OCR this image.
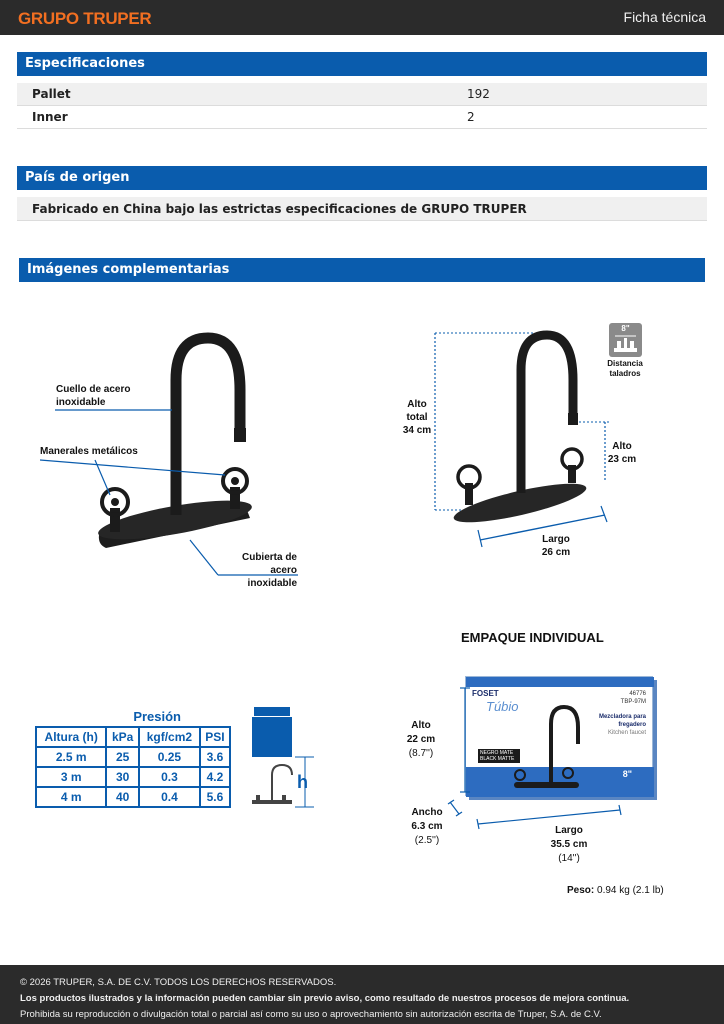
GRUPO TRUPER	Ficha técnica
Especificaciones
Pallet	192
Inner	2
País de origen
Fabricado en China bajo las estrictas especificaciones de GRUPO TRUPER
Imágenes complementarias
Cuello de acero
inoxidable
Manerales metálicos
Cubierta de acero
inoxidable
Alto
total
34 cm
Alto
23 cm
Largo
26 cm
8"
Distancia
taladros
Presión
Altura (h)	kPa	kgf/cm2	PSI
2.5 m	25	0.25	3.6
3 m	30	0.3	4.2
4 m	40	0.4	5.6
h
EMPAQUE INDIVIDUAL
FOSET
Túbio
46776
TBP-97M
Mezcladora para
fregadero
Kitchen faucet
NEGRO MATE
BLACK MATTE
8"
Alto
22 cm
(8.7'')
Ancho
6.3 cm
(2.5'')
Largo
35.5 cm
(14'')
Peso: 0.94 kg (2.1 lb)
© 2026 TRUPER, S.A. DE C.V. TODOS LOS DERECHOS RESERVADOS.
Los productos ilustrados y la información pueden cambiar sin previo aviso, como resultado de nuestros procesos de mejora continua.
Prohibida su reproducción o divulgación total o parcial así como su uso o aprovechamiento sin autorización escrita de Truper, S.A. de C.V.
